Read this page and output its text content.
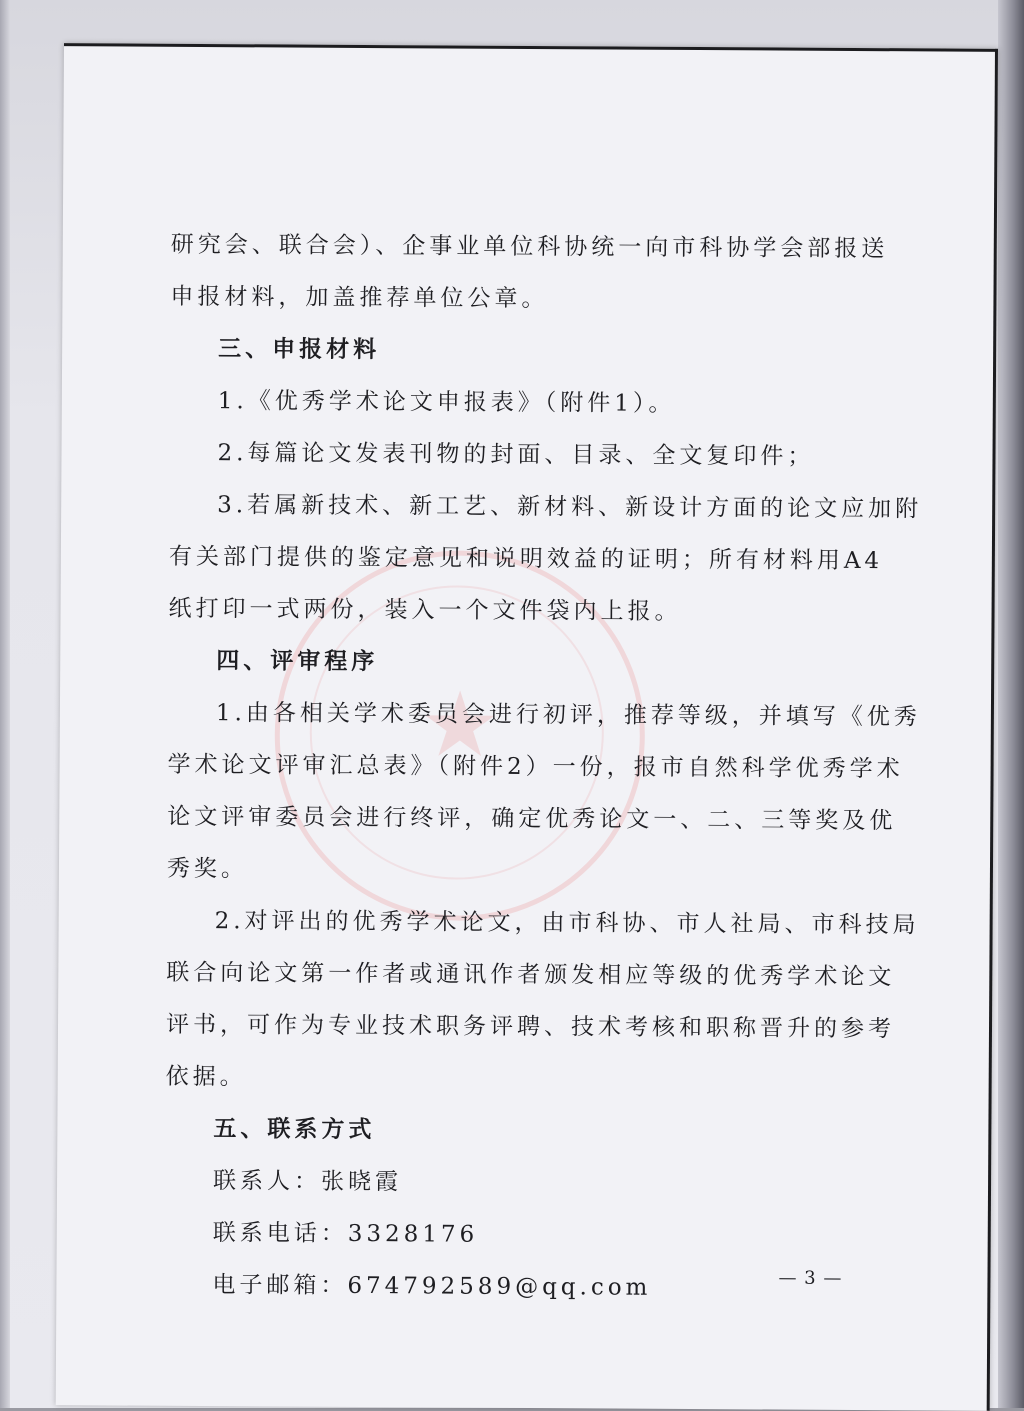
★
研究会、联合会）、企事业单位科协统一向市科协学会部报送
申报材料，加盖推荐单位公章。
三、申报材料
1.《优秀学术论文申报表》（附件1）。
2.每篇论文发表刊物的封面、目录、全文复印件；
3.若属新技术、新工艺、新材料、新设计方面的论文应加附
有关部门提供的鉴定意见和说明效益的证明；所有材料用A4
纸打印一式两份，装入一个文件袋内上报。
四、评审程序
1.由各相关学术委员会进行初评，推荐等级，并填写《优秀
学术论文评审汇总表》（附件2）一份，报市自然科学优秀学术
论文评审委员会进行终评，确定优秀论文一、二、三等奖及优
秀奖。
2.对评出的优秀学术论文，由市科协、市人社局、市科技局
联合向论文第一作者或通讯作者颁发相应等级的优秀学术论文
评书，可作为专业技术职务评聘、技术考核和职称晋升的参考
依据。
五、联系方式
联系人：张晓霞
联系电话：3328176
电子邮箱：674792589@qq.com	— 3 —
